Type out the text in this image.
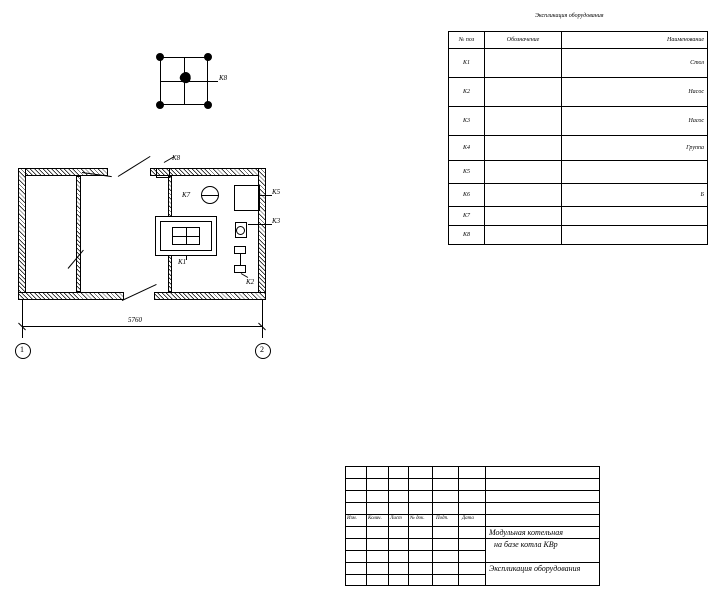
Экспликация оборудования
№ поз	Обозначение	Наименование
K1		Стол
K2		Наcос
K3		Насос
K4		Группа
K5		
K6		Б
K7		
K8		
K1
K7	K5
K3
K2
K8
K8
5760
1	2
Изм. Колич. Лист № док. Подп.	Дата
Модульная котельная
на базе котла КВр
Экспликация оборудования
